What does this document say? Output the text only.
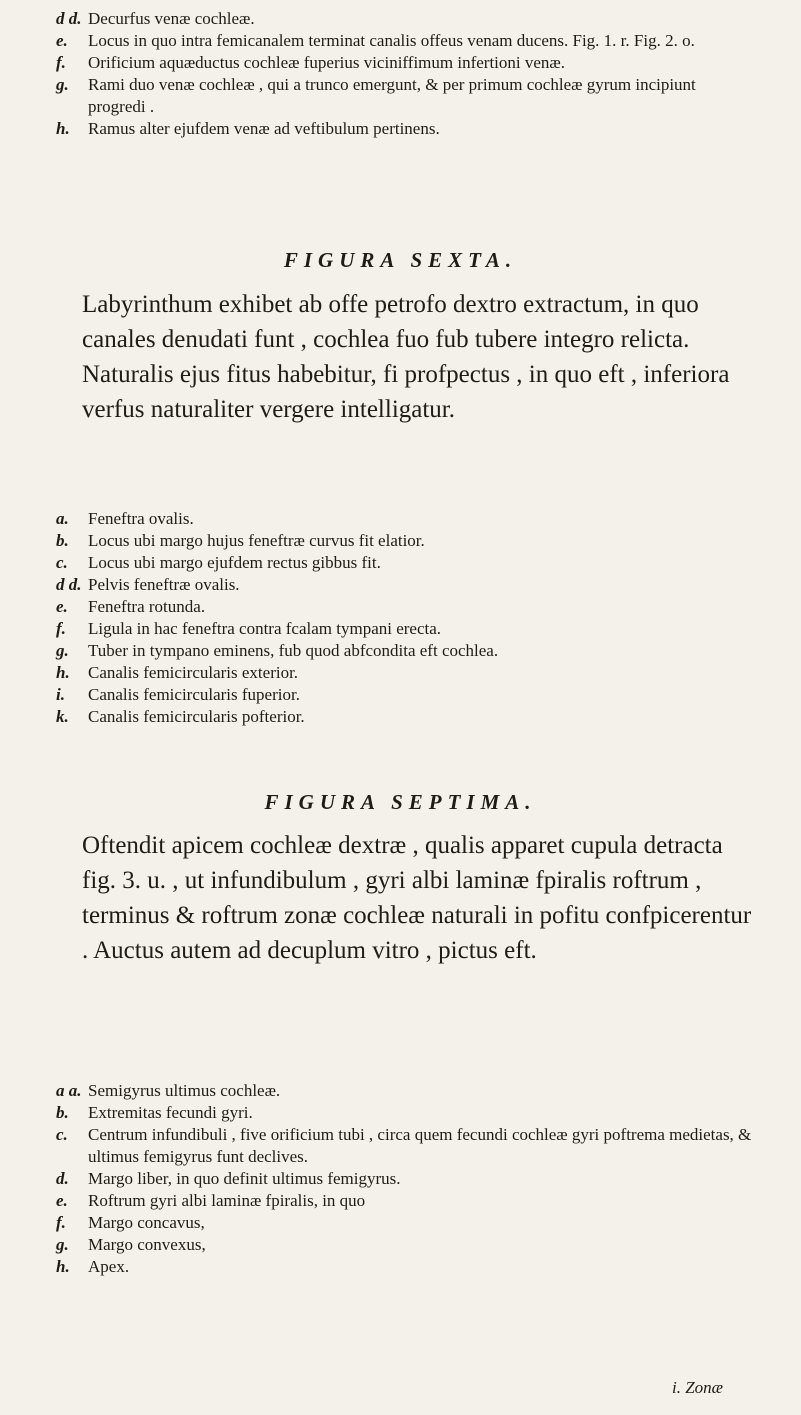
d d. Decurfus venæ cochleæ.
e.	Locus in quo intra femicanalem terminat canalis offeus venam ducens. Fig. 1. r. Fig. 2. o.
f.	Orificium aquæductus cochleæ fuperius viciniffimum infertioni venæ.
g.	Rami duo venæ cochleæ , qui a trunco emergunt, & per primum cochleæ gyrum incipiunt progredi .
h.	Ramus alter ejufdem venæ ad veftibulum pertinens.
FIGURA SEXTA.
Labyrinthum exhibet ab offe petrofo dextro extractum, in quo canales denudati funt , cochlea fuo fub tubere integro relicta. Naturalis ejus fitus habebitur, fi profpectus , in quo eft , inferiora verfus naturaliter vergere intelligatur.
a.	Feneftra ovalis.
b.	Locus ubi margo hujus feneftræ curvus fit elatior.
c.	Locus ubi margo ejufdem rectus gibbus fit.
d d. Pelvis feneftræ ovalis.
e.	Feneftra rotunda.
f.	Ligula in hac feneftra contra fcalam tympani erecta.
g.	Tuber in tympano eminens, fub quod abfcondita eft cochlea.
h.	Canalis femicircularis exterior.
i.	Canalis femicircularis fuperior.
k.	Canalis femicircularis pofterior.
FIGURA SEPTIMA.
Oftendit apicem cochleæ dextræ , qualis apparet cupula detracta fig. 3. u. , ut infundibulum , gyri albi laminæ fpiralis roftrum , terminus & roftrum zonæ cochleæ naturali in pofitu confpicerentur . Auctus autem ad decuplum vitro , pictus eft.
a a. Semigyrus ultimus cochleæ.
b.	Extremitas fecundi gyri.
c.	Centrum infundibuli , five orificium tubi , circa quem fecundi cochleæ gyri poftrema medietas, & ultimus femigyrus funt declives.
d.	Margo liber, in quo definit ultimus femigyrus.
e.	Roftrum gyri albi laminæ fpiralis, in quo
f.	Margo concavus,
g.	Margo convexus,
h.	Apex.
i. Zonæ
